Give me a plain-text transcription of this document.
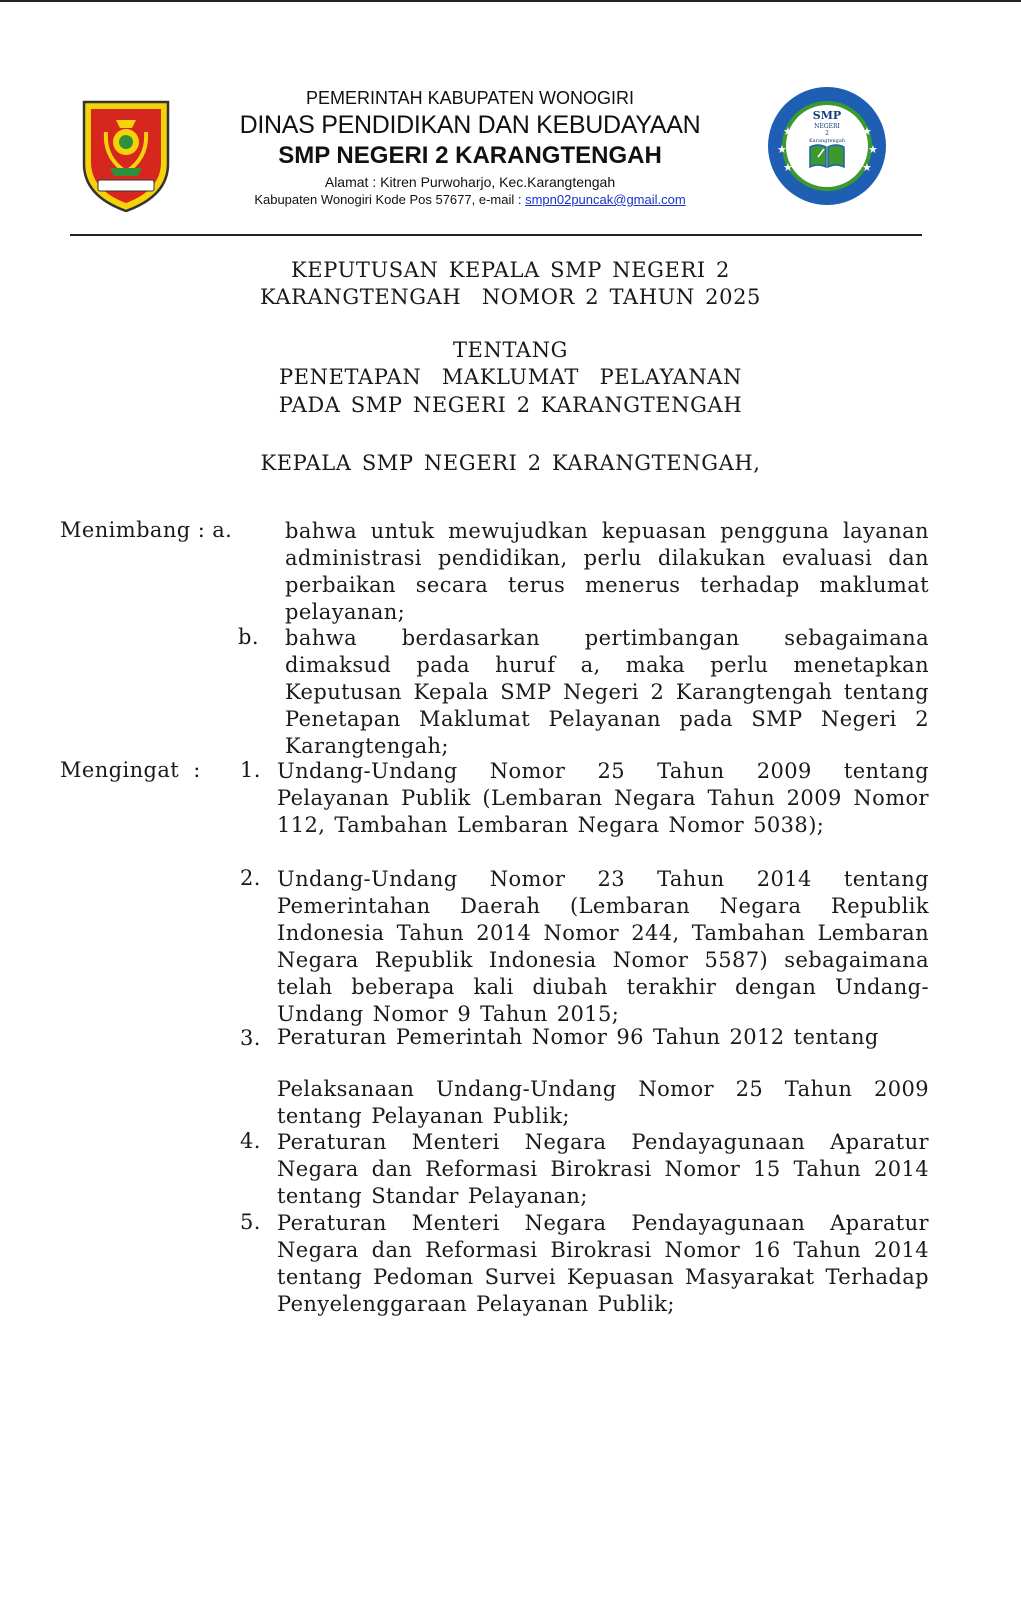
PEMERINTAH KABUPATEN WONOGIRI
DINAS PENDIDIKAN DAN KEBUDAYAAN
SMP NEGERI 2 KARANGTENGAH
Alamat : Kitren Purwoharjo, Kec.Karangtengah
Kabupaten Wonogiri Kode Pos 57677, e-mail : smpn02puncak@gmail.com
★
★
★
★
★
★
SMP
NEGERI
2
Karangtengah
KEPUTUSAN KEPALA SMP NEGERI 2
KARANGTENGAH  NOMOR 2 TAHUN 2025
TENTANG
PENETAPAN  MAKLUMAT  PELAYANAN
PADA SMP NEGERI 2 KARANGTENGAH
KEPALA SMP NEGERI 2 KARANGTENGAH,
Menimbang : a.	bahwa untuk mewujudkan kepuasan pengguna layanan administrasi pendidikan, perlu dilakukan evaluasi dan perbaikan secara terus menerus terhadap maklumat pelayanan;
b. bahwa berdasarkan pertimbangan sebagaimana dimaksud pada huruf a, maka perlu menetapkan Keputusan Kepala SMP Negeri 2 Karangtengah tentang Penetapan Maklumat Pelayanan pada SMP Negeri 2 Karangtengah;
Mengingat  : 1. Undang-Undang Nomor 25 Tahun 2009 tentang Pelayanan Publik (Lembaran Negara Tahun 2009 Nomor 112, Tambahan Lembaran Negara Nomor 5038);
2. Undang-Undang Nomor 23 Tahun 2014 tentang Pemerintahan Daerah (Lembaran Negara Republik Indonesia Tahun 2014 Nomor 244, Tambahan Lembaran Negara Republik Indonesia Nomor 5587) sebagaimana telah beberapa kali diubah terakhir dengan Undang-Undang Nomor 9 Tahun 2015;
3. Peraturan Pemerintah Nomor 96 Tahun 2012 tentang
Pelaksanaan Undang-Undang Nomor 25 Tahun 2009 tentang Pelayanan Publik;
4. Peraturan Menteri Negara Pendayagunaan Aparatur Negara dan Reformasi Birokrasi Nomor 15 Tahun 2014 tentang Standar Pelayanan;
5. Peraturan Menteri Negara Pendayagunaan Aparatur Negara dan Reformasi Birokrasi Nomor 16 Tahun 2014 tentang Pedoman Survei Kepuasan Masyarakat Terhadap Penyelenggaraan Pelayanan Publik;
